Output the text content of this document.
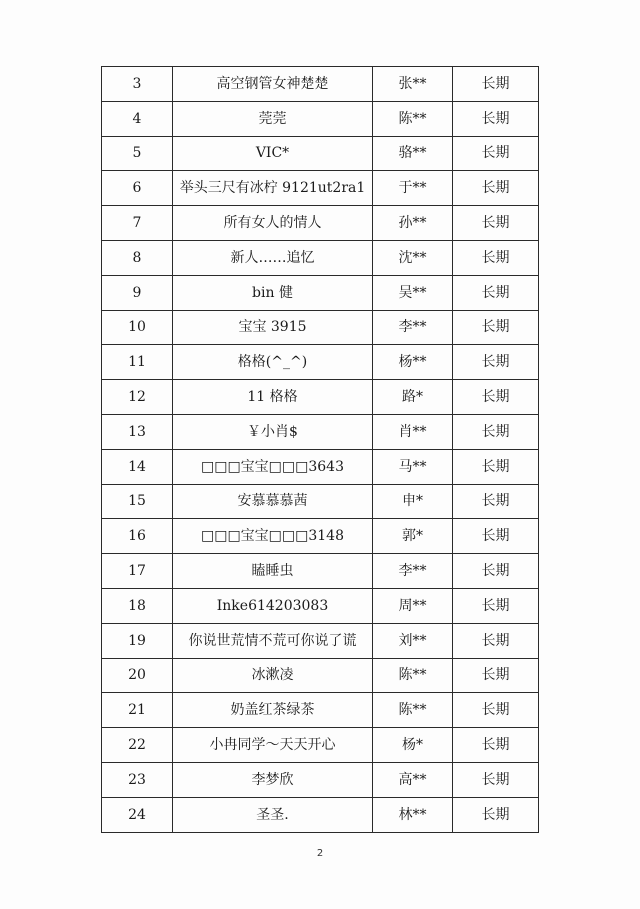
3	高空钢管女神楚楚	张**	长期
4	莞莞	陈**	长期
5	VIC*	骆**	长期
6	举头三尺有冰柠 9121ut2ra1	于**	长期
7	所有女人的情人	孙**	长期
8	新人……追忆	沈**	长期
9	bin 健	吴**	长期
10	宝宝 3915	李**	长期
11	格格(^_^)	杨**	长期
12	11 格格	路*	长期
13	￥小肖$	肖**	长期
14	□□□宝宝□□□3643	马**	长期
15	安慕慕慕茜	申*	长期
16	□□□宝宝□□□3148	郭*	长期
17	瞌睡虫	李**	长期
18	Inke614203083	周**	长期
19	你说世荒情不荒可你说了谎	刘**	长期
20	冰漱凌	陈**	长期
21	奶盖红茶绿茶	陈**	长期
22	小冉同学～天天开心	杨*	长期
23	李梦欣	高**	长期
24	圣圣.	林**	长期
2
